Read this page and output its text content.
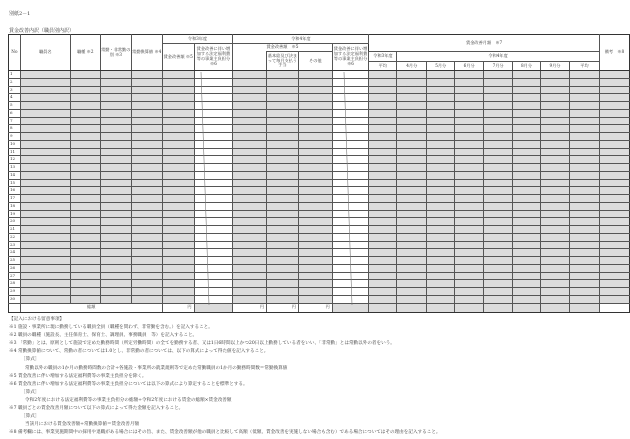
別紙2－1
賃金改善内訳（職員別内訳）
No	職員名	職種 ※2	常勤・非常勤の別 ※3	常勤換算値 ※4	令和3年度		令和4年度				賃金改善月額　※7								備考　※8
					賃金改善額 ※5	賃金改善に伴い増加する法定福利費等の事業主負担分 ※6	賃金改善額　※5			賃金改善に伴い増加する法定福利費等の事業主負担分 ※6									
								基本給及び決まって毎月支払う手当	その他		令和3年度	令和4年度							
											平均	4月分	5月分	6月分	7月分	8月分	9月分	平均	
1																			
2																			
3																			
4																			
5																			
6																			
7																			
8																			
9																			
10																			
11																			
12																			
13																			
14																			
15																			
16																			
17																			
18																			
19																			
20																			
21																			
22																			
23																			
24																			
25																			
26																			
27																			
28																			
29																			
30																			
	総額				円		円	円	円										
【記入における留意事項】
※1 施設・事業所に現に勤務している職員全員（職種を問わず、非常勤を含む。）を記入すること。
※2 職員の職種（施設長、主任保育士、保育士、調理員、事務職員　等）を記入すること。
※3 「常勤」とは、原則として施設で定めた勤務時間（所定労働時間）の全てを勤務する者、又は1日6時間以上かつ20日以上勤務している者をいい、「非常勤」とは常勤以外の者をいう。
※4 常勤換算値について、常勤の者については1.0とし、非常勤の者については、以下の算式によって得た値を記入すること。
［算式］
常勤以外の職員の1か月の勤務時間数の合計÷各施設・事業所の就業規則等で定めた常勤職員の1か月の勤務時間数＝常勤換算値
※5 賃金改善に伴い増加する法定福利費等の事業主負担分を除く。
※6 賃金改善に伴い増加する法定福利費等の事業主負担分については以下の算式により算定することを標準とする。
［算式］
令和2年度における法定福利費等の事業主負担分の総額÷令和2年度における賃金の総額×賃金改善額
※7 職員ごとの賃金改善月額について以下の算式によって得た金額を記入すること。
［算式］
当該月における賃金改善額÷常勤換算値＝賃金改善月額
※8 備考欄には、事業実施期間中の採用や退職がある場合にはその旨、また、賃金改善額が他の職員と比較して高額（低額、賃金改善を実施しない場合も含む）である場合についてはその理由を記入すること。
